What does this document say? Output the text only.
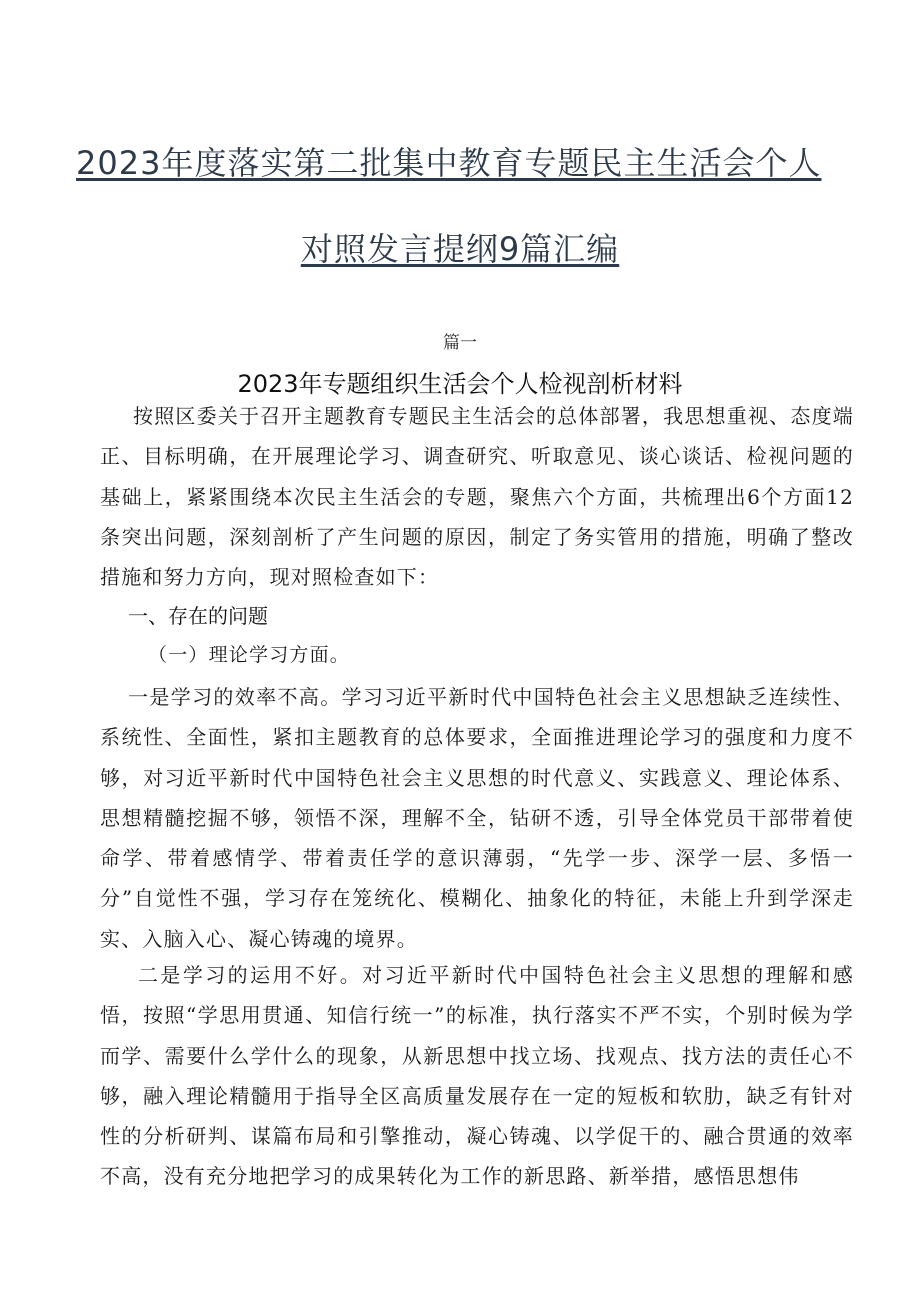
2023年度落实第二批集中教育专题民主生活会个人
对照发言提纲9篇汇编
篇一
2023年专题组织生活会个人检视剖析材料
按照区委关于召开主题教育专题民主生活会的总体部署，我思想重视、态度端正、目标明确，在开展理论学习、调查研究、听取意见、谈心谈话、检视问题的基础上，紧紧围绕本次民主生活会的专题，聚焦六个方面，共梳理出6个方面12条突出问题，深刻剖析了产生问题的原因，制定了务实管用的措施，明确了整改措施和努力方向，现对照检查如下：
一、存在的问题
（一）理论学习方面。
一是学习的效率不高。学习习近平新时代中国特色社会主义思想缺乏连续性、系统性、全面性，紧扣主题教育的总体要求，全面推进理论学习的强度和力度不够，对习近平新时代中国特色社会主义思想的时代意义、实践意义、理论体系、思想精髓挖掘不够，领悟不深，理解不全，钻研不透，引导全体党员干部带着使命学、带着感情学、带着责任学的意识薄弱，“先学一步、深学一层、多悟一分”自觉性不强，学习存在笼统化、模糊化、抽象化的特征，未能上升到学深走实、入脑入心、凝心铸魂的境界。
二是学习的运用不好。对习近平新时代中国特色社会主义思想的理解和感悟，按照“学思用贯通、知信行统一”的标准，执行落实不严不实，个别时候为学而学、需要什么学什么的现象，从新思想中找立场、找观点、找方法的责任心不够，融入理论精髓用于指导全区高质量发展存在一定的短板和软肋，缺乏有针对性的分析研判、谋篇布局和引擎推动，凝心铸魂、以学促干的、融合贯通的效率不高，没有充分地把学习的成果转化为工作的新思路、新举措，感悟思想伟
